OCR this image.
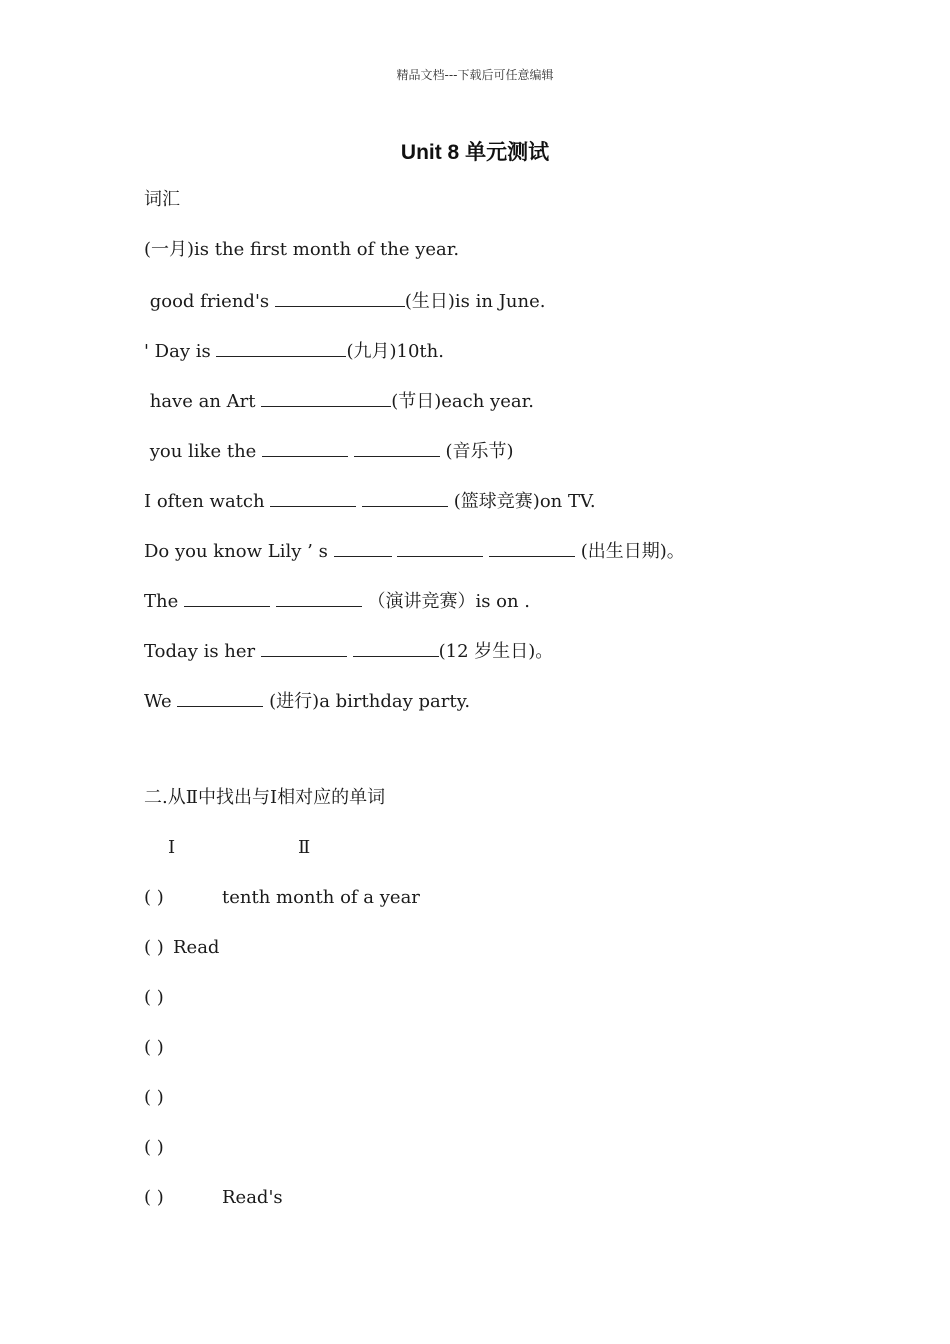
精品文档---下载后可任意编辑
Unit 8 单元测试
词汇
(一月)is the first month of the year.
good friend's	(生日)is in June.
' Day is	(九月)10th.
have an Art	(节日)each year.
you like the	(音乐节)
I often watch	(篮球竞赛)on TV.
Do you know Lily ’ s	(出生日期)。
The	（演讲竞赛）is on .
Today is her	(12 岁生日)。
We	(进行)a birthday party.
二.从Ⅱ中找出与Ⅰ相对应的单词
Ⅰ	Ⅱ
( )	tenth month of a year
( ) Read
( )
( )
( )
( )
( )	Read's
